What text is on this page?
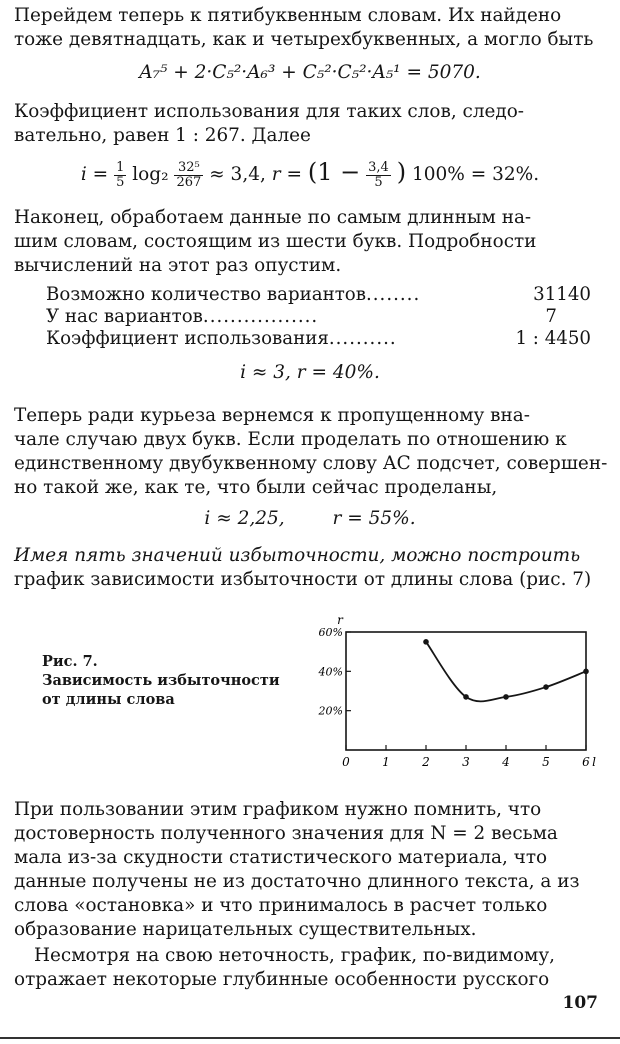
Перейдем теперь к пятибуквенным словам. Их найдено
тоже девятнадцать, как и четырехбуквенных, а могло быть

A₇⁵ + 2·C₅²·A₆³ + C₅²·C₅²·A₅¹ = 5070.

Коэффициент использования для таких слов, следо-
вательно, равен 1 : 267. Далее

$i = \frac{1}{5} \log_2 \frac{\text{32⁵}}{267} \approx 3,4$, $r = (1 - \frac{3,4}{5}$ ) 100% = 32%.

Наконец, обработаем данные по самым длинным на-
шим словам, состоящим из шести букв. Подробности
вычислений на этот раз опустим.

Возможно количество вариантов ........	31140
У нас вариантов .................	7
Коэффициент использования ..........	1 : 4450
i ≈ 3, r = 40%.

Теперь ради курьеза вернемся к пропущенному вна-
чале случаю двух букв. Если проделать по отношению к
единственному двубуквенному слову АС подсчет, совершен-
но такой же, как те, что были сейчас проделаны,

i ≈ 2,25,	r = 55%.

Имея пять значений избыточности, можно построить
график зависимости избыточности от длины слова (рис. 7)

Рис. 7.
Зависимость избыточности
от длины слова
20%
40%
60%
0	1	2	3	4	5	6
r
l

При пользовании этим графиком нужно помнить, что
достоверность полученного значения для N = 2 весьма
мала из-за скудности статистического материала, что
данные получены не из достаточно длинного текста, а из
слова «остановка» и что принималось в расчет только
образование нарицательных существительных.

Несмотря на свою неточность, график, по-видимому,
отражает некоторые глубинные особенности русского

107
